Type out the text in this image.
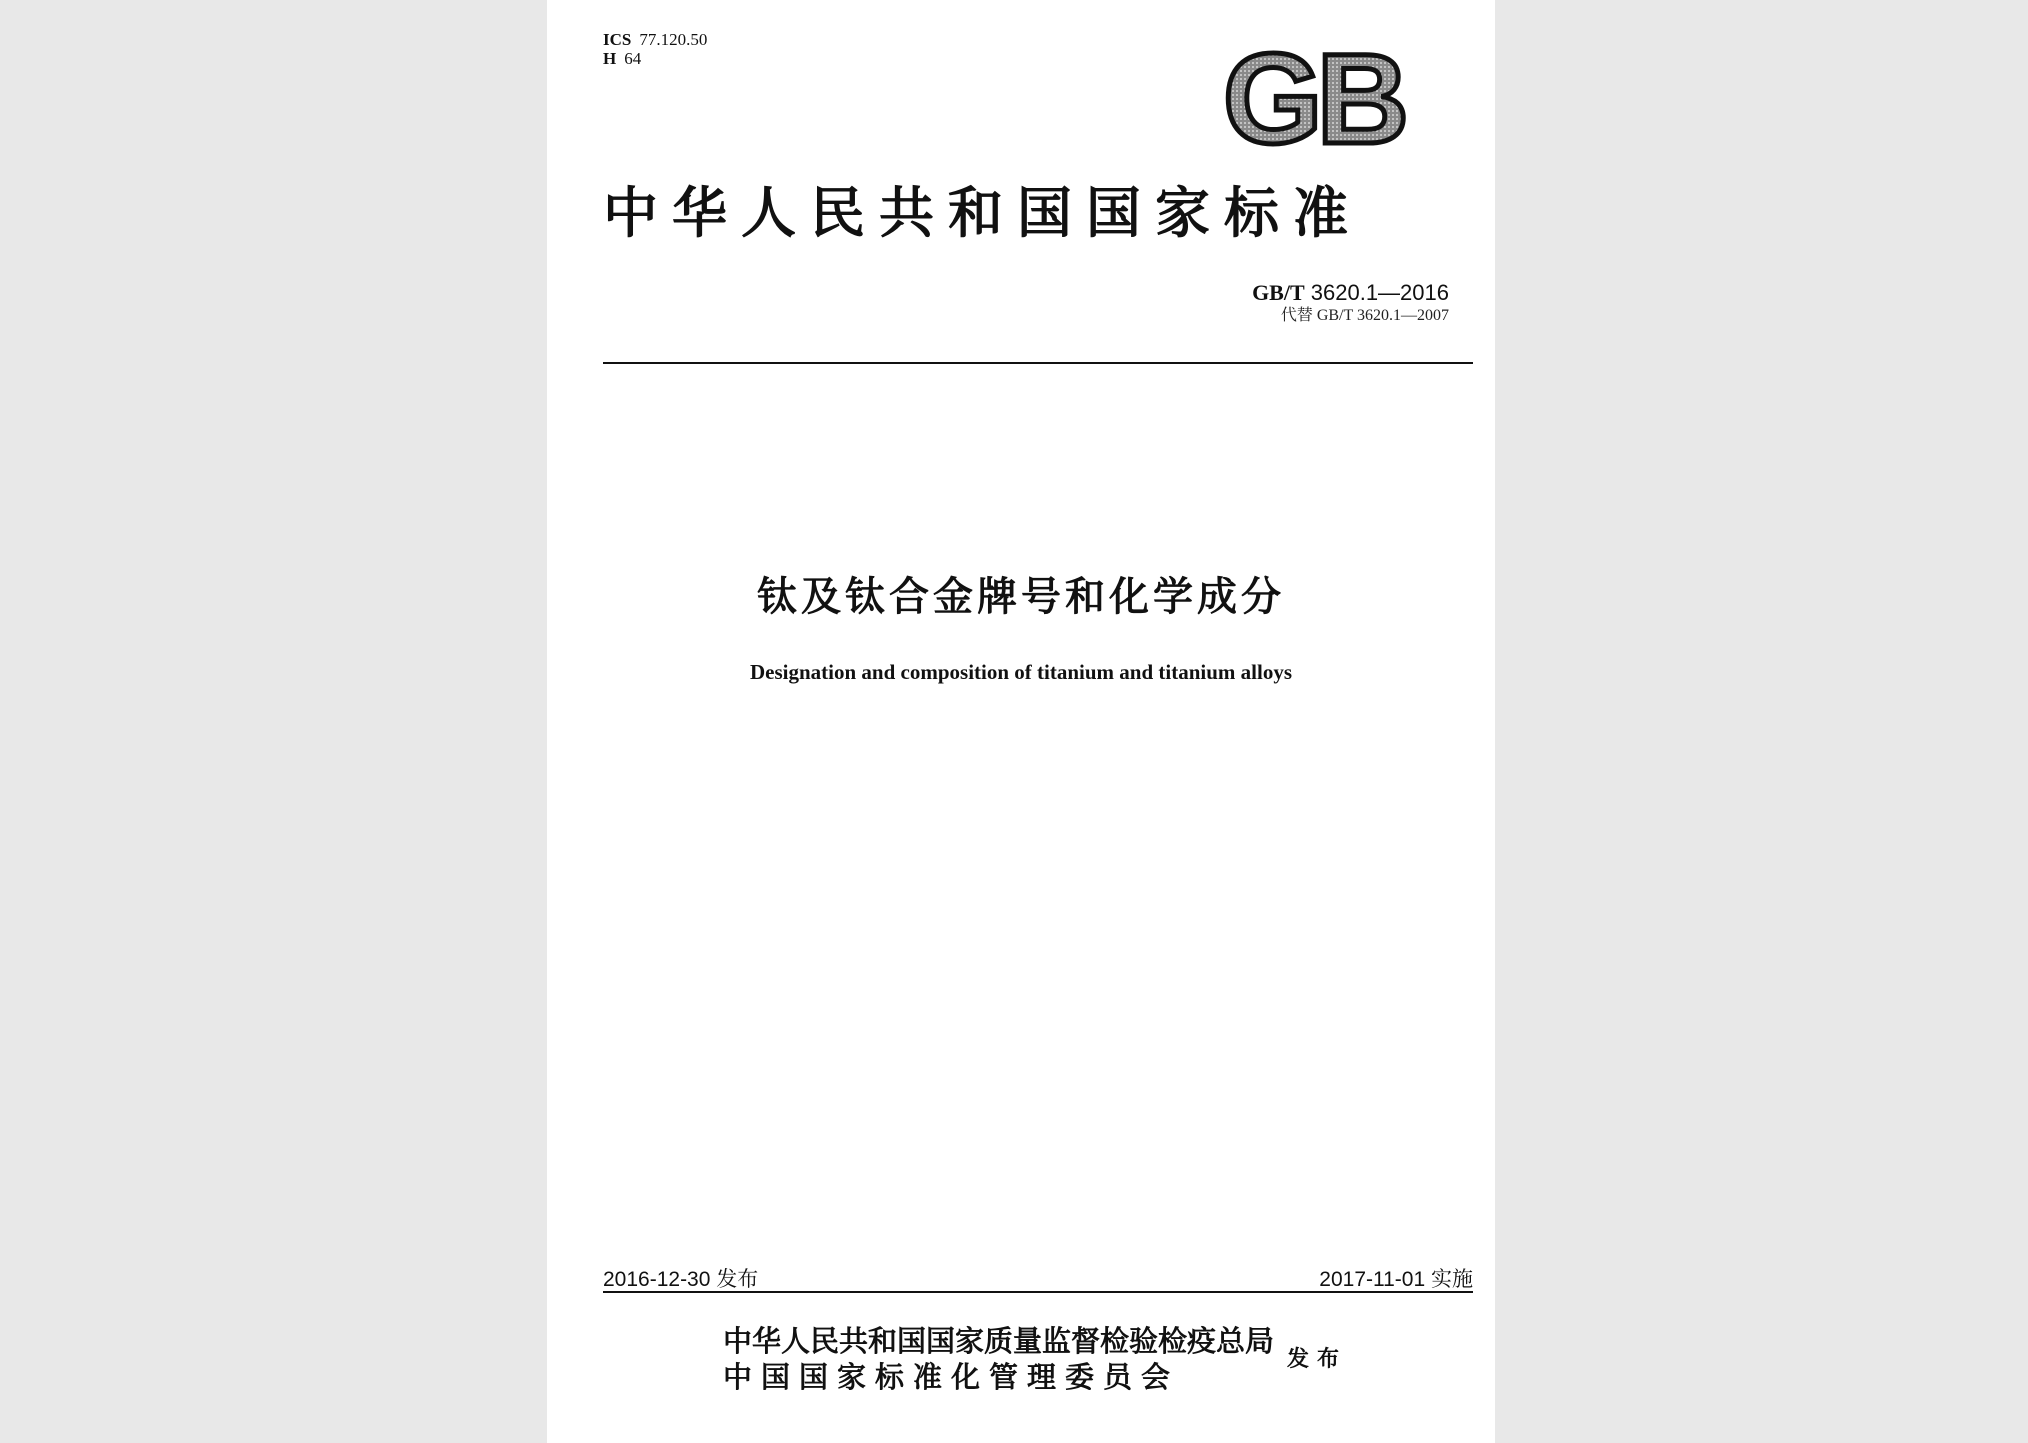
ICS 77.120.50
H 64	GB
中华人民共和国国家标准
GB/T 3620.1—2016
代替 GB/T 3620.1—2007
钛及钛合金牌号和化学成分
Designation and composition of titanium and titanium alloys
2016-12-30 发布	2017-11-01 实施
中华人民共和国国家质量监督检验检疫总局
中国国家标准化管理委员会
发布
